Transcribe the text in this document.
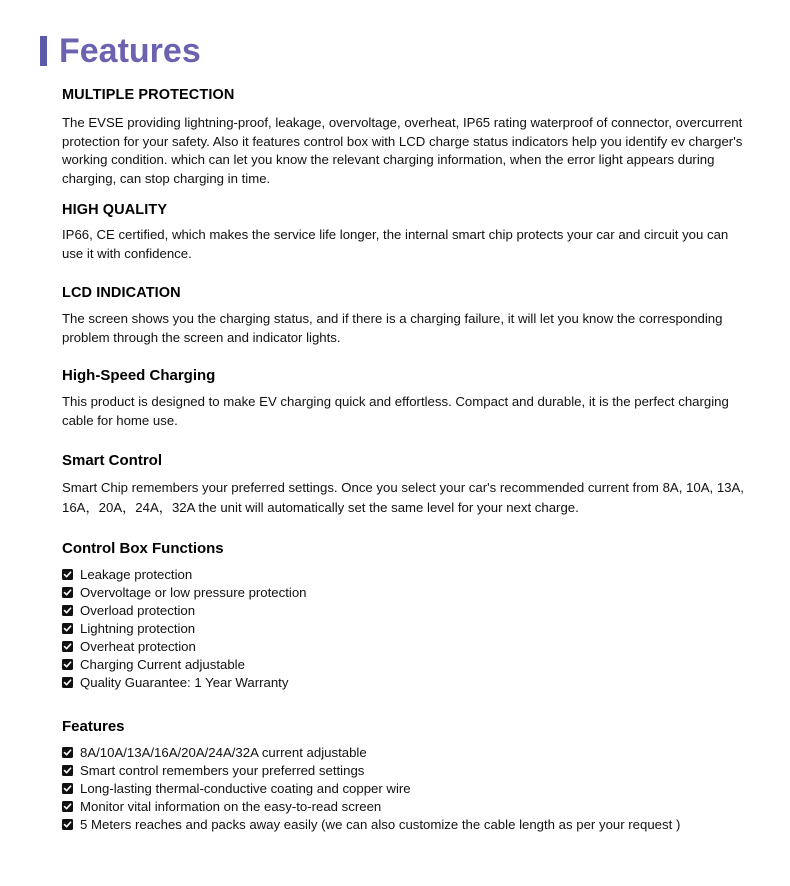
Features
MULTIPLE PROTECTION

The EVSE providing lightning-proof, leakage, overvoltage, overheat, IP65 rating waterproof of connector, overcurrent protection for your safety. Also it features control box with LCD charge status indicators help you identify ev charger's working condition. which can let you know the relevant charging information, when the error light appears during charging, can stop charging in time.

HIGH QUALITY

IP66, CE certified, which makes the service life longer, the internal smart chip protects your car and circuit you can use it with confidence.

LCD INDICATION

The screen shows you the charging status, and if there is a charging failure, it will let you know the corresponding problem through the screen and indicator lights.

High-Speed Charging

This product is designed to make EV charging quick and effortless. Compact and durable, it is the perfect charging cable for home use.

Smart Control

Smart Chip remembers your preferred settings. Once you select your car's recommended current from 8A, 10A, 13A, 16A，20A，24A，32A the unit will automatically set the same level for your next charge.

Control Box Functions
Leakage protection
Overvoltage or low pressure protection
Overload protection
Lightning protection
Overheat protection
Charging Current adjustable
Quality Guarantee: 1 Year Warranty
Features
8A/10A/13A/16A/20A/24A/32A current adjustable
Smart control remembers your preferred settings
Long-lasting thermal-conductive coating and copper wire
Monitor vital information on the easy-to-read screen
5 Meters reaches and packs away easily (we can also customize the cable length as per your request )
